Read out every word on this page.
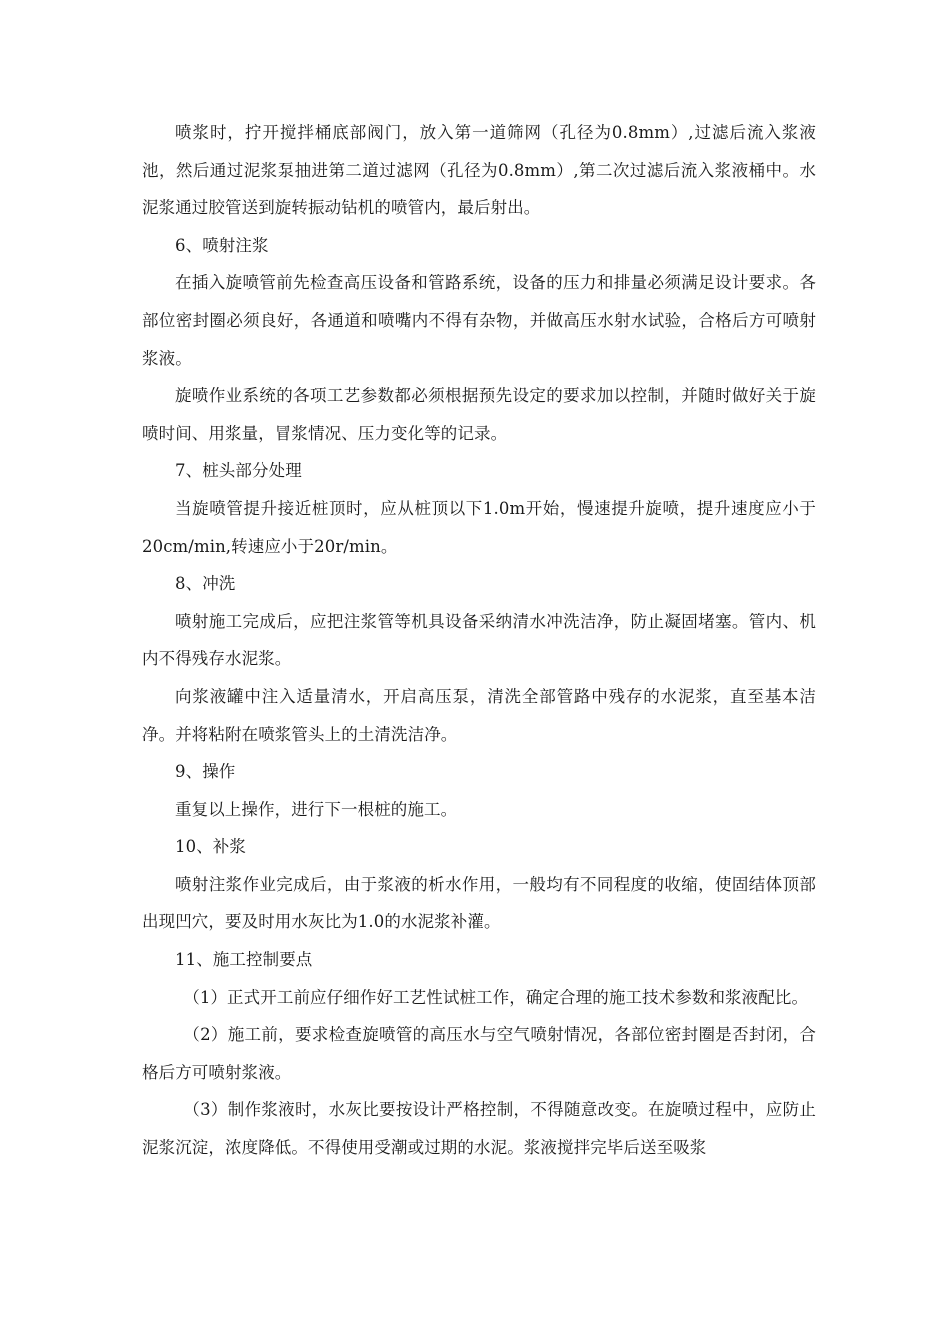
喷浆时，拧开搅拌桶底部阀门，放入第一道筛网（孔径为0.8mm）,过滤后流入浆液池，然后通过泥浆泵抽进第二道过滤网（孔径为0.8mm）,第二次过滤后流入浆液桶中。水泥浆通过胶管送到旋转振动钻机的喷管内，最后射出。

6、喷射注浆

在插入旋喷管前先检查高压设备和管路系统，设备的压力和排量必须满足设计要求。各部位密封圈必须良好，各通道和喷嘴内不得有杂物，并做高压水射水试验，合格后方可喷射浆液。

旋喷作业系统的各项工艺参数都必须根据预先设定的要求加以控制，并随时做好关于旋喷时间、用浆量，冒浆情况、压力变化等的记录。

7、桩头部分处理

当旋喷管提升接近桩顶时，应从桩顶以下1.0m开始，慢速提升旋喷，提升速度应小于20cm/min,转速应小于20r/min。

8、冲洗

喷射施工完成后，应把注浆管等机具设备采纳清水冲洗洁净，防止凝固堵塞。管内、机内不得残存水泥浆。

向浆液罐中注入适量清水，开启高压泵，清洗全部管路中残存的水泥浆，直至基本洁净。并将粘附在喷浆管头上的土清洗洁净。

9、操作

重复以上操作，进行下一根桩的施工。

10、补浆

喷射注浆作业完成后，由于浆液的析水作用，一般均有不同程度的收缩，使固结体顶部出现凹穴，要及时用水灰比为1.0的水泥浆补灌。

11、施工控制要点

（1）正式开工前应仔细作好工艺性试桩工作，确定合理的施工技术参数和浆液配比。

（2）施工前，要求检查旋喷管的高压水与空气喷射情况，各部位密封圈是否封闭，合格后方可喷射浆液。

（3）制作浆液时，水灰比要按设计严格控制，不得随意改变。在旋喷过程中，应防止泥浆沉淀，浓度降低。不得使用受潮或过期的水泥。浆液搅拌完毕后送至吸浆
